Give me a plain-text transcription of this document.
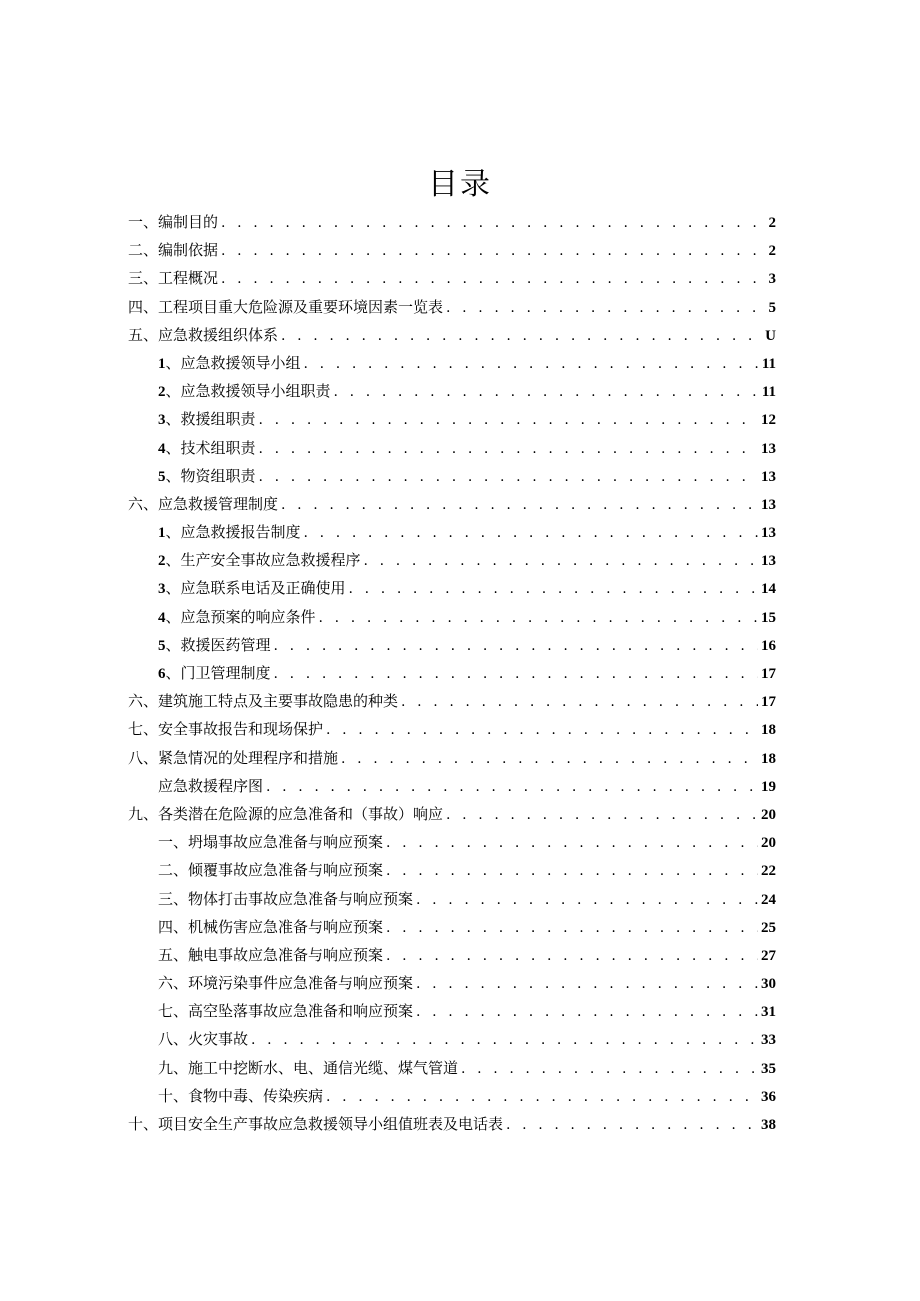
目录
一、编制目的 . . .	2
二、编制依据 . . .	2
三、工程概况 . . .	3
四、工程项目重大危险源及重要环境因素一览表 . . .	5
五、应急救援组织体系 . . .	U
1、应急救援领导小组 . . .	11
2、应急救援领导小组职责 . . .	11
3、救援组职责 . . .	12
4、技术组职责 . . .	13
5、物资组职责 . . .	13
六、应急救援管理制度 . . .	13
1、应急救援报告制度 . . .	13
2、生产安全事故应急救援程序 . . .	13
3、应急联系电话及正确使用 . . .	14
4、应急预案的响应条件 . . .	15
5、救援医药管理 . . .	16
6、门卫管理制度 . . .	17
六、建筑施工特点及主要事故隐患的种类 . . .	17
七、安全事故报告和现场保护 . . .	18
八、紧急情况的处理程序和措施 . . .	18
应急救援程序图 . . .	19
九、各类潜在危险源的应急准备和（事故）响应 . . .	20
一、坍塌事故应急准备与响应预案 . . .	20
二、倾覆事故应急准备与响应预案 . . .	22
三、物体打击事故应急准备与响应预案 . . .	24
四、机械伤害应急准备与响应预案 . . .	25
五、触电事故应急准备与响应预案 . . .	27
六、环境污染事件应急准备与响应预案 . . .	30
七、高空坠落事故应急准备和响应预案 . . .	31
八、火灾事故 . . .	33
九、施工中挖断水、电、通信光缆、煤气管道 . . .	35
十、食物中毒、传染疾病 . . .	36
十、项目安全生产事故应急救援领导小组值班表及电话表 . . .	38
